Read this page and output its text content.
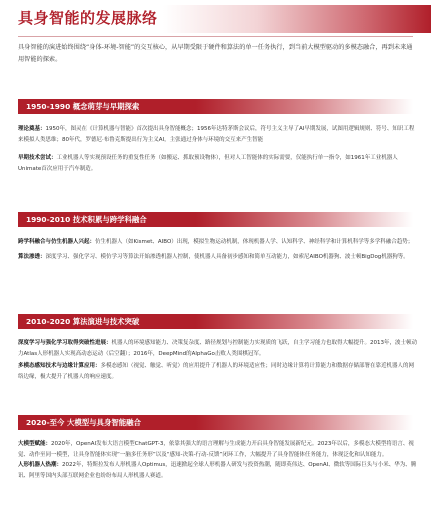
具身智能的发展脉络
具身智能的演进始终围绕“身体-环境-智能”的交互核心，从早期受限于硬件和算法的单一任务执行，到当前大模型驱动的多模态融合，再到未来通用智能的探索。
1950-1990 概念萌芽与早期探索

理论奠基：1950年，图灵在《计算机器与智能》首次提出具身智能概念；1956年达特茅斯会议后，符号主义主导了AI早期发展，试图用逻辑规则、符号、知识工程来模拟人类思维；80年代，罗德尼·布鲁克斯提出行为主义AI，主张通过身体与环境的交互来产生智能

早期技术尝试：工业机器人等实现预设任务的重复性任务（如搬运、抓取预设物体），但对人工智能体的实际需要，仅能执行单一指令，如1961年工业机器人Unimate首次应用于汽车制造。

1990-2010 技术积累与跨学科融合

跨学科融合与仿生机器人兴起：仿生机器人（如Kismet、AIBO）出现，模拟生物运动机制，体现机器人学、认知科学、神经科学和计算机科学等多学科融合趋势；

算法渗透：深度学习、强化学习、模仿学习等算法开始渗透机器人控制，使机器人具备初步感知和简单互动能力，如索尼AIBO机器狗、波士顿BigDog机器狗等。

2010-2020 算法演进与技术突破

深度学习与强化学习取得突破性进展：机器人的环境感知能力、决策复杂度、路径规划与控制能力实现质的飞跃，自主学习能力也取得大幅提升。2013年，波士顿动力Atlas人形机器人实现高动态运动（后空翻）；2016年，DeepMind的AlphaGo击败人类围棋冠军。

多模态感知技术与边缘计算应用：多模态感知（视觉、触觉、听觉）的应用提升了机器人的环境适应性；同时边缘计算将计算能力和数据存储部署在靠近机器人的网络边缘，极大提升了机器人的响应速度。

2020-至今 大模型与具身智能融合

大模型赋能：2020年，OpenAI发布大语言模型ChatGPT-3，依靠其强大的语言理解与生成能力开启具身智能发展新纪元。2023年以后，多模态大模型将语言、视觉、动作至同一模型，让具身智能体实现“一脑多任务形”以及“感知-决策-行动-反馈”闭环工作，大幅提升了具身智能体任务能力，体现泛化和认知能力。

人形机器人热潮：2022年，特斯拉发布人形机器人Optimus，迅速掀起全球人形机器人研发与投资热潮，随即英伟达、OpenAI、微软等国际巨头与小米、华为、腾讯、阿里等国内头部互联网企业也纷纷布局人形机器人赛道。
